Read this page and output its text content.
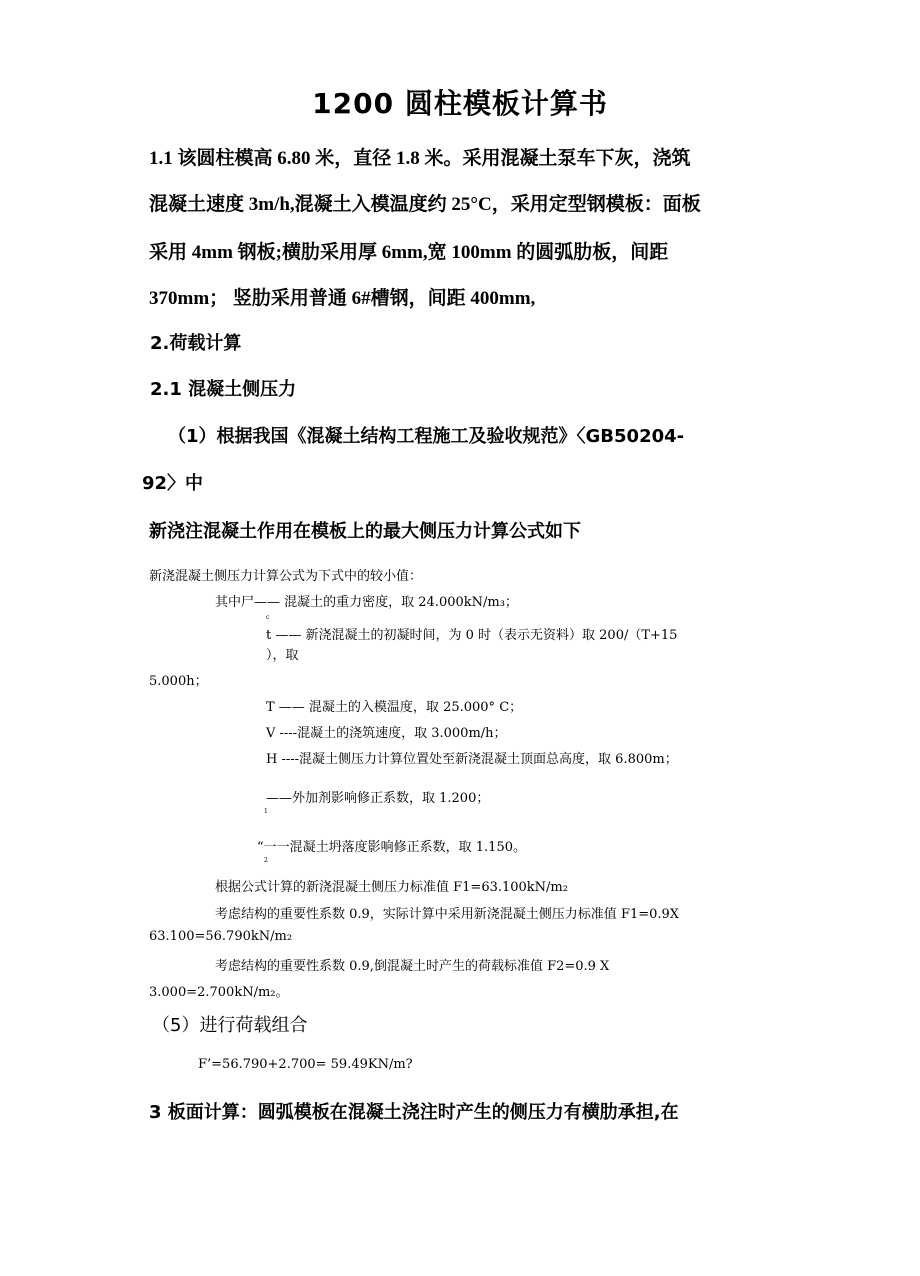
1200 圆柱模板计算书
1.1 该圆柱模高 6.80 米，直径 1.8 米。采用混凝土泵车下灰，浇筑
混凝土速度 3m/h,混凝土入模温度约 25°C，采用定型钢模板：面板
采用 4mm 钢板;横肋采用厚 6mm,宽 100mm 的圆弧肋板，间距
370mm； 竖肋采用普通 6#槽钢，间距 400mm,
2.荷载计算
2.1 混凝土侧压力
（1）根据我国《混凝土结构工程施工及验收规范》〈GB50204-
92〉中
新浇注混凝土作用在模板上的最大侧压力计算公式如下
新浇混凝土侧压力计算公式为下式中的较小值：
其中尸—— 混凝土的重力密度，取 24.000kN/m₃；
c
t —— 新浇混凝土的初凝时间，为 0 时（表示无资料）取 200/（T+15
），取
5.000h；
T —— 混凝土的入模温度，取 25.000° C；
V ----混凝土的浇筑速度，取 3.000m/h；
H ----混凝土侧压力计算位置处至新浇混凝土顶面总高度，取 6.800m；
——外加剂影响修正系数，取 1.200；
1
“一一混凝土坍落度影响修正系数，取 1.150。
2
根据公式计算的新浇混凝土侧压力标准值 F1=63.100kN/m₂
考虑结构的重要性系数 0.9，实际计算中采用新浇混凝土侧压力标准值 F1=0.9X
63.100=56.790kN/m₂
考虑结构的重要性系数 0.9,倒混凝土时产生的荷载标准值 F2=0.9 X
3.000=2.700kN/m₂。
（5）进行荷载组合
F’=56.790+2.700= 59.49KN/m?
3 板面计算：圆弧模板在混凝土浇注时产生的侧压力有横肋承担,在
